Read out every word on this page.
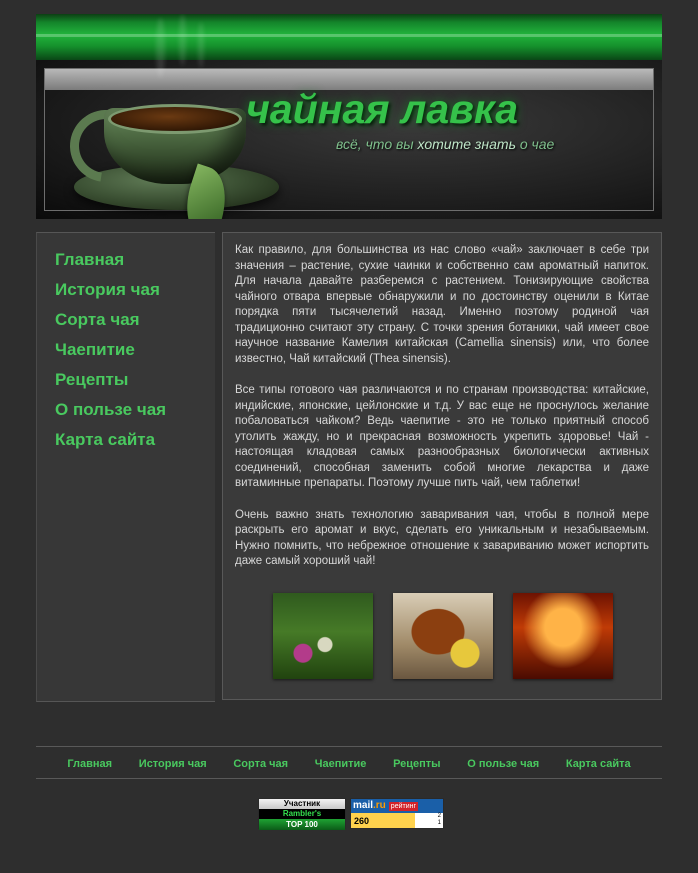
чайная лавка
всё, что вы хотите знать о чае
Главная
История чая
Сорта чая
Чаепитие
Рецепты
О пользе чая
Карта сайта

Как правило, для большинства из нас слово «чай» заключает в себе три значения – растение, сухие чаинки и собственно сам ароматный напиток. Для начала давайте разберемся с растением. Тонизирующие свойства чайного отвара впервые обнаружили и по достоинству оценили в Китае порядка пяти тысячелетий назад. Именно поэтому родиной чая традиционно считают эту страну. С точки зрения ботаники, чай имеет свое научное название Камелия китайская (Camellia sinensis) или, что более известно, Чай китайский (Thea sinensis).

Все типы готового чая различаются и по странам производства: китайские, индийские, японские, цейлонские и т.д. У вас еще не проснулось желание побаловаться чайком? Ведь чаепитие - это не только приятный способ утолить жажду, но и прекрасная возможность укрепить здоровье! Чай - настоящая кладовая самых разнообразных биологически активных соединений, способная заменить собой многие лекарства и даже витаминные препараты. Поэтому лучше пить чай, чем таблетки!

Очень важно знать технологию заваривания чая, чтобы в полной мере раскрыть его аромат и вкус, сделать его уникальным и незабываемым. Нужно помнить, что небрежное отношение к завариванию может испортить даже самый хороший чай!

Главная История чая Сорта чая Чаепитие Рецепты О пользе чая Карта сайта
Участник
Rambler's
TOP 100
mail.ru рейтинг
260	2
1
